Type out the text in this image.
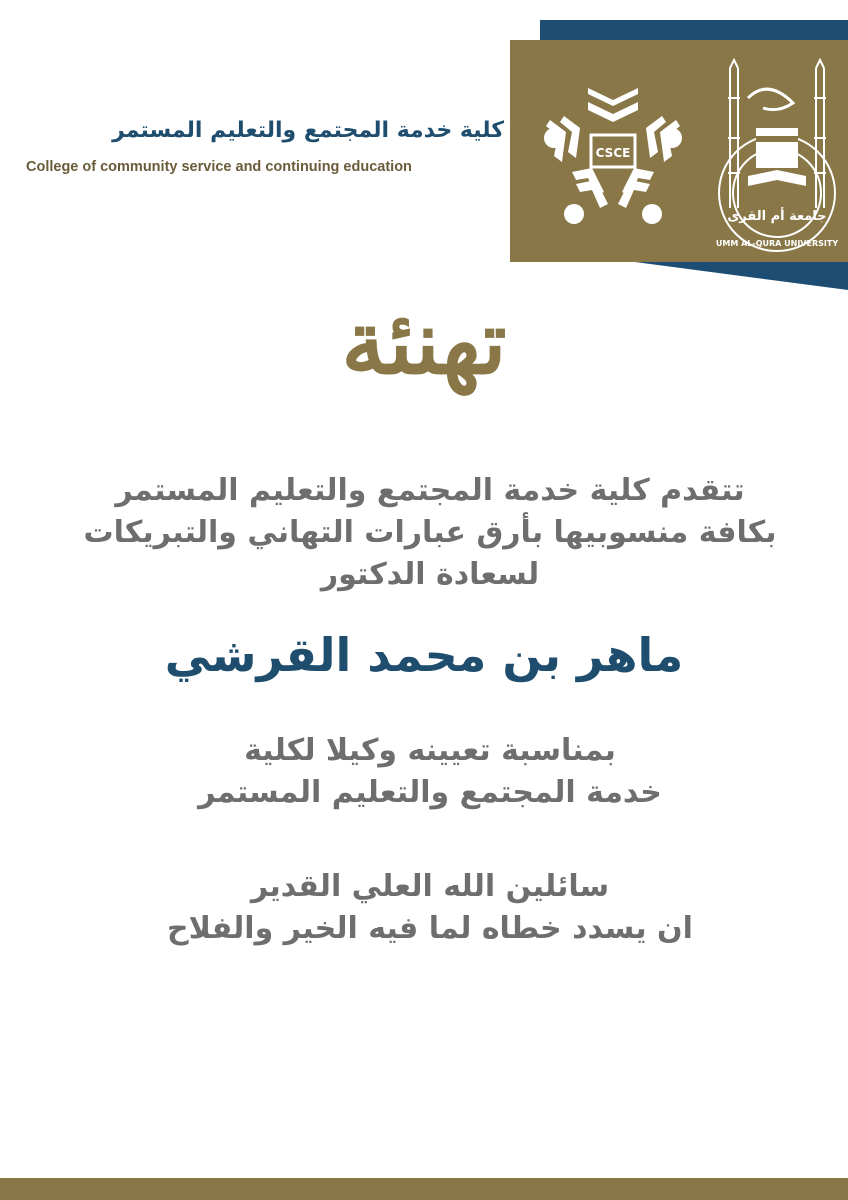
كلية خدمة المجتمع والتعليم المستمر
College of community service and continuing education
CSCE
جامعة أم القرى
UMM AL-QURA UNIVERSITY
تهنئة
تتقدم كلية خدمة المجتمع والتعليم المستمر
بكافة منسوبيها بأرق عبارات التهاني والتبريكات
لسعادة الدكتور
ماهر بن محمد القرشي
بمناسبة تعيينه وكيلا لكلية
خدمة المجتمع والتعليم المستمر
سائلين الله العلي القدير
ان يسدد خطاه لما فيه الخير والفلاح
